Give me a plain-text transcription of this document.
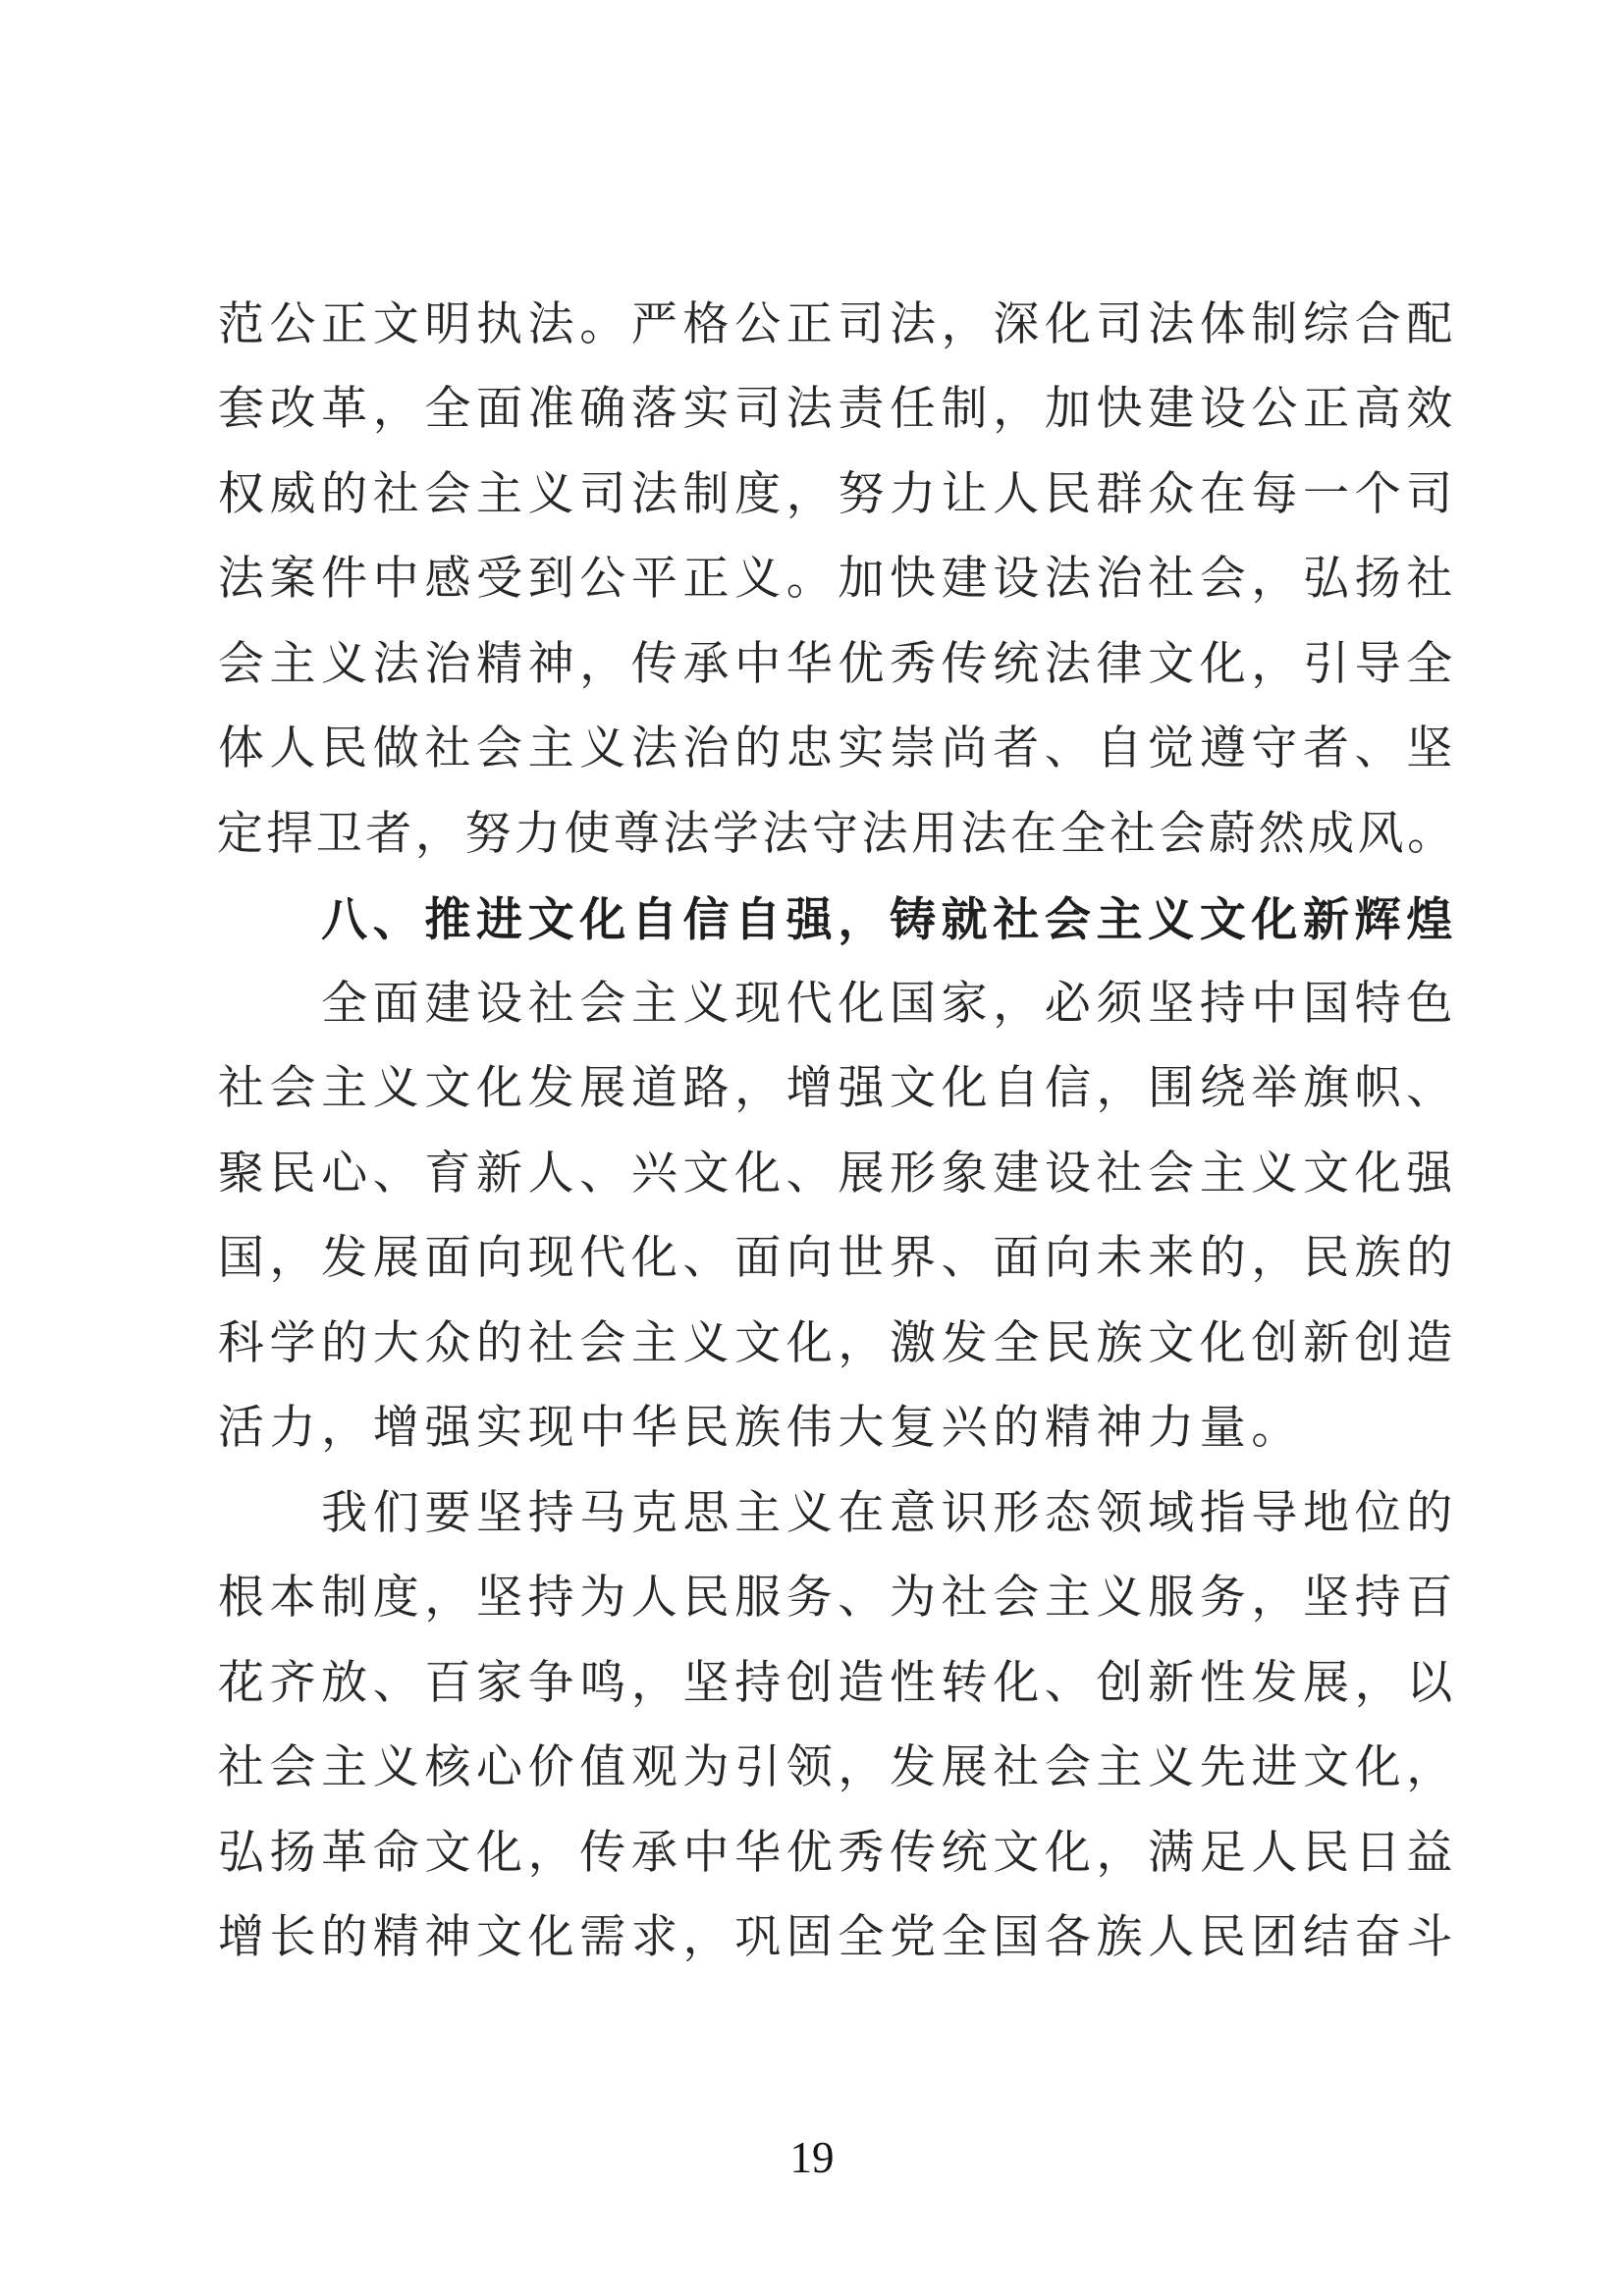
范 公 正 文 明 执 法 。 严 格 公 正 司 法 ， 深 化 司 法 体 制 综 合 配
套 改 革 ， 全 面 准 确 落 实 司 法 责 任 制 ， 加 快 建 设 公 正 高 效
权 威 的 社 会 主 义 司 法 制 度 ， 努 力 让 人 民 群 众 在 每 一 个 司
法 案 件 中 感 受 到 公 平 正 义 。 加 快 建 设 法 治 社 会 ， 弘 扬 社
会 主 义 法 治 精 神 ， 传 承 中 华 优 秀 传 统 法 律 文 化 ， 引 导 全
体 人 民 做 社 会 主 义 法 治 的 忠 实 崇 尚 者 、 自 觉 遵 守 者 、 坚
定 捍 卫 者 ， 努 力 使 尊 法 学 法 守 法 用 法 在 全 社 会 蔚 然 成 风 。
八 、 推 进 文 化 自 信 自 强 ， 铸 就 社 会 主 义 文 化 新 辉 煌
全 面 建 设 社 会 主 义 现 代 化 国 家 ， 必 须 坚 持 中 国 特 色
社 会 主 义 文 化 发 展 道 路 ， 增 强 文 化 自 信 ， 围 绕 举 旗 帜 、
聚 民 心 、 育 新 人 、 兴 文 化 、 展 形 象 建 设 社 会 主 义 文 化 强
国 ， 发 展 面 向 现 代 化 、 面 向 世 界 、 面 向 未 来 的 ， 民 族 的
科 学 的 大 众 的 社 会 主 义 文 化 ， 激 发 全 民 族 文 化 创 新 创 造
活 力 ， 增 强 实 现 中 华 民 族 伟 大 复 兴 的 精 神 力 量 。
我 们 要 坚 持 马 克 思 主 义 在 意 识 形 态 领 域 指 导 地 位 的
根 本 制 度 ， 坚 持 为 人 民 服 务 、 为 社 会 主 义 服 务 ， 坚 持 百
花 齐 放 、 百 家 争 鸣 ， 坚 持 创 造 性 转 化 、 创 新 性 发 展 ， 以
社 会 主 义 核 心 价 值 观 为 引 领 ， 发 展 社 会 主 义 先 进 文 化 ，
弘 扬 革 命 文 化 ， 传 承 中 华 优 秀 传 统 文 化 ， 满 足 人 民 日 益
增 长 的 精 神 文 化 需 求 ， 巩 固 全 党 全 国 各 族 人 民 团 结 奋 斗
19
